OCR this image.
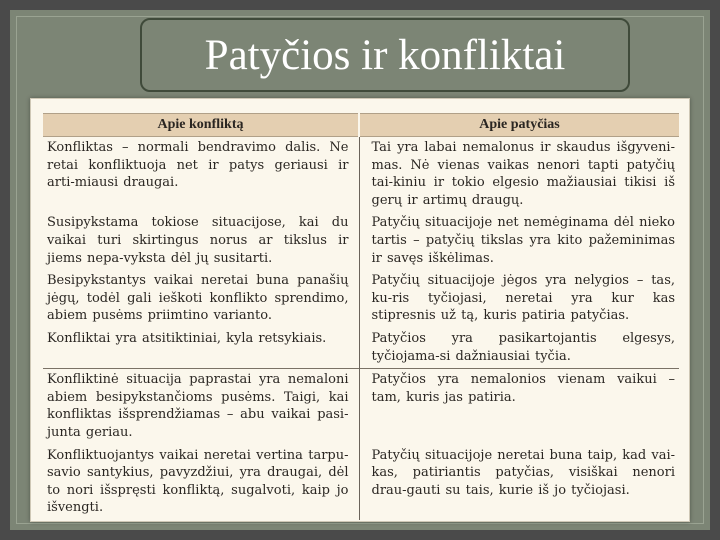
Patyčios ir konfliktai
Apie konfliktą	Apie patyčias
Konfliktas – normali bendravimo dalis. Ne retai konfliktuoja net ir patys geriausi ir arti-miausi draugai.	Tai yra labai nemalonus ir skaudus išgyveni-mas. Nė vienas vaikas nenori tapti patyčių tai-kiniu ir tokio elgesio mažiausiai tikisi iš gerų ir artimų draugų.
Susipykstama tokiose situacijose, kai du vaikai turi skirtingus norus ar tikslus ir jiems nepa-vyksta dėl jų susitarti.	Patyčių situacijoje net nemėginama dėl nieko tartis – patyčių tikslas yra kito pažeminimas ir savęs iškėlimas.
Besipykstantys vaikai neretai buna panašių jėgų, todėl gali ieškoti konflikto sprendimo, abiem pusėms priimtino varianto.	Patyčių situacijoje jėgos yra nelygios – tas, ku-ris tyčiojasi, neretai yra kur kas stipresnis už tą, kuris patiria patyčias.
Konfliktai yra atsitiktiniai, kyla retsykiais.	Patyčios yra pasikartojantis elgesys, tyčiojama-si dažniausiai tyčia.
Konfliktinė situacija paprastai yra nemaloni abiem besipykstančioms pusėms. Taigi, kai konfliktas išsprendžiamas – abu vaikai pasi-junta geriau.	Patyčios yra nemalonios vienam vaikui – tam, kuris jas patiria.
Konfliktuojantys vaikai neretai vertina tarpu-savio santykius, pavyzdžiui, yra draugai, dėl to nori išspręsti konfliktą, sugalvoti, kaip jo išvengti.	Patyčių situacijoje neretai buna taip, kad vai-kas, patiriantis patyčias, visiškai nenori drau-gauti su tais, kurie iš jo tyčiojasi.
